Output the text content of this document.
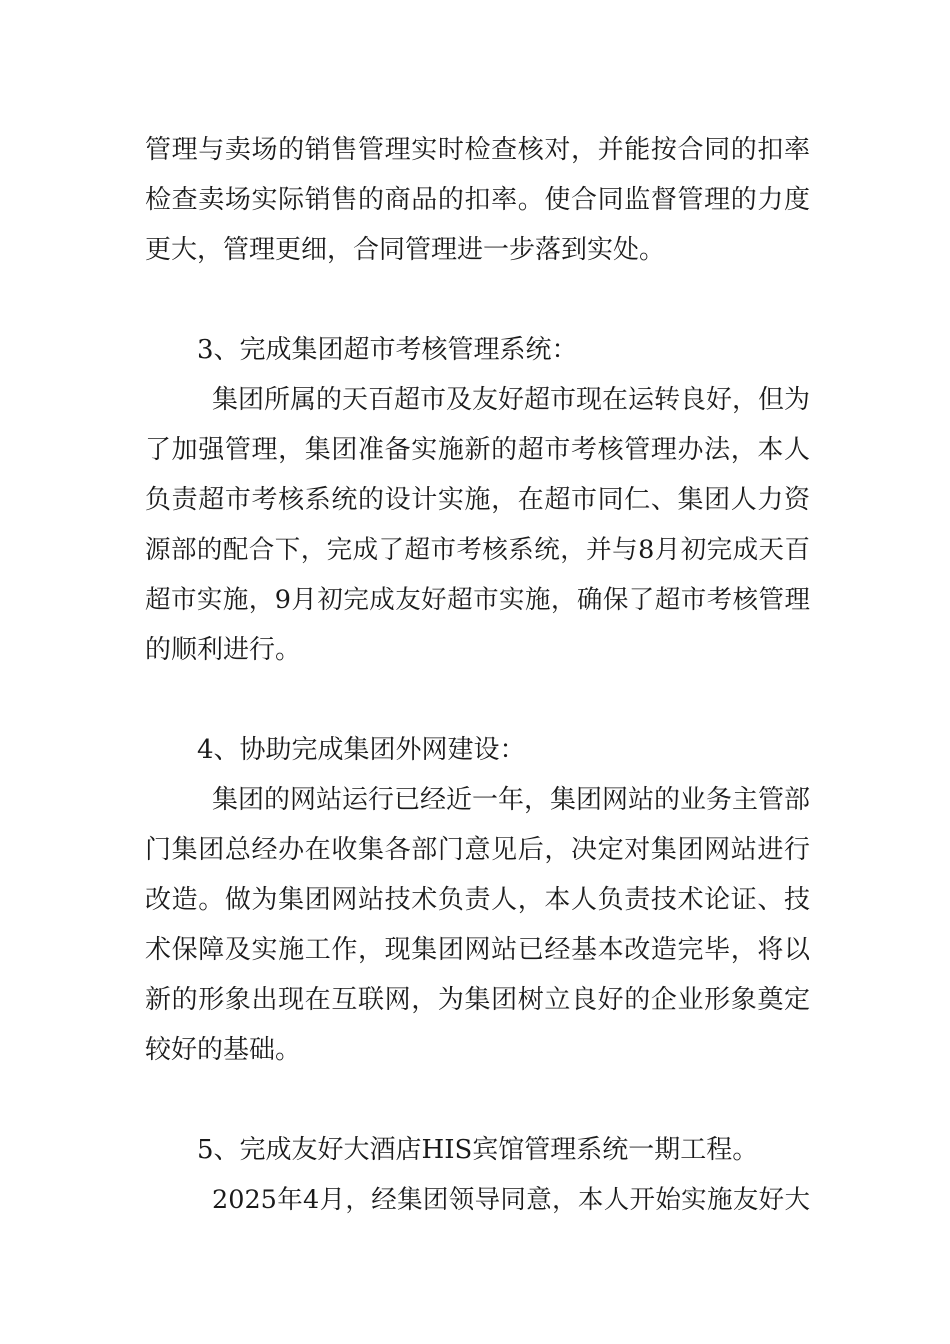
管理与卖场的销售管理实时检查核对，并能按合同的扣率
检查卖场实际销售的商品的扣率。使合同监督管理的力度
更大，管理更细，合同管理进一步落到实处。
3、完成集团超市考核管理系统：
集团所属的天百超市及友好超市现在运转良好，但为
了加强管理，集团准备实施新的超市考核管理办法，本人
负责超市考核系统的设计实施，在超市同仁、集团人力资
源部的配合下，完成了超市考核系统，并与8月初完成天百
超市实施，9月初完成友好超市实施，确保了超市考核管理
的顺利进行。
4、协助完成集团外网建设：
集团的网站运行已经近一年，集团网站的业务主管部
门集团总经办在收集各部门意见后，决定对集团网站进行
改造。做为集团网站技术负责人，本人负责技术论证、技
术保障及实施工作，现集团网站已经基本改造完毕，将以
新的形象出现在互联网，为集团树立良好的企业形象奠定
较好的基础。
5、完成友好大酒店HIS宾馆管理系统一期工程。
2025年4月，经集团领导同意，本人开始实施友好大
